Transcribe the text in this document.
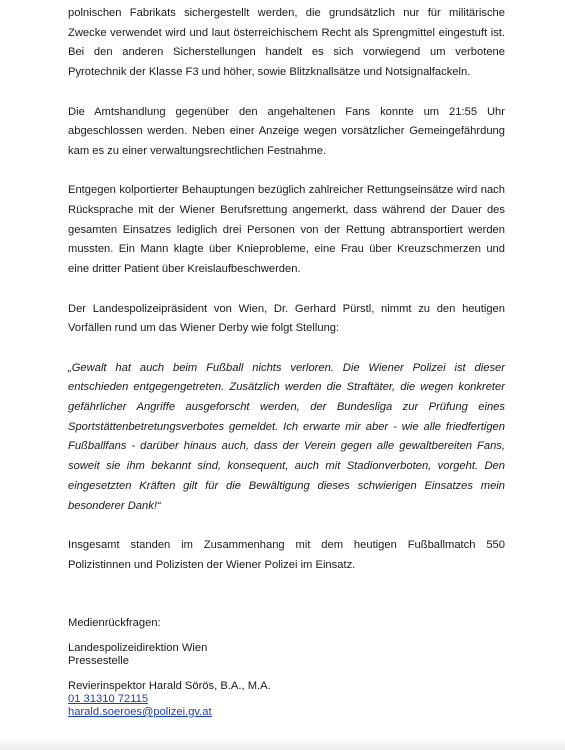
polnischen Fabrikats sichergestellt werden, die grundsätzlich nur für militärische Zwecke verwendet wird und laut österreichischem Recht als Sprengmittel eingestuft ist. Bei den anderen Sicherstellungen handelt es sich vorwiegend um verbotene Pyrotechnik der Klasse F3 und höher, sowie Blitzknallsätze und Notsignalfackeln.

Die Amtshandlung gegenüber den angehaltenen Fans konnte um 21:55 Uhr abgeschlossen werden. Neben einer Anzeige wegen vorsätzlicher Gemeingefährdung kam es zu einer verwaltungsrechtlichen Festnahme.

Entgegen kolportierter Behauptungen bezüglich zahlreicher Rettungseinsätze wird nach Rücksprache mit der Wiener Berufsrettung angemerkt, dass während der Dauer des gesamten Einsatzes lediglich drei Personen von der Rettung abtransportiert werden mussten. Ein Mann klagte über Knieprobleme, eine Frau über Kreuzschmerzen und eine dritter Patient über Kreislaufbeschwerden.

Der Landespolizeipräsident von Wien, Dr. Gerhard Pürstl, nimmt zu den heutigen Vorfällen rund um das Wiener Derby wie folgt Stellung:

„Gewalt hat auch beim Fußball nichts verloren. Die Wiener Polizei ist dieser entschieden entgegengetreten. Zusätzlich werden die Straftäter, die wegen konkreter gefährlicher Angriffe ausgeforscht werden, der Bundesliga zur Prüfung eines Sportstättenbetretungsverbotes gemeldet. Ich erwarte mir aber - wie alle friedfertigen Fußballfans - darüber hinaus auch, dass der Verein gegen alle gewaltbereiten Fans, soweit sie ihm bekannt sind, konsequent, auch mit Stadionverboten, vorgeht. Den eingesetzten Kräften gilt für die Bewältigung dieses schwierigen Einsatzes mein besonderer Dank!“

Insgesamt standen im Zusammenhang mit dem heutigen Fußballmatch 550 Polizistinnen und Polizisten der Wiener Polizei im Einsatz.

Medienrückfragen:
Landespolizeidirektion Wien
Pressestelle
Revierinspektor Harald Sörös, B.A., M.A.
01 31310 72115
harald.soeroes@polizei.gv.at
